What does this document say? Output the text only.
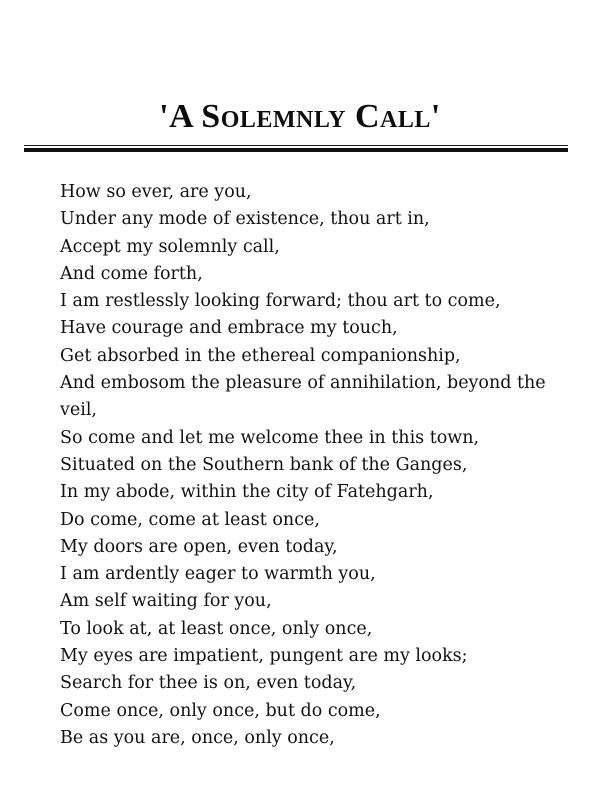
'A Solemnly Call'
How so ever, are you,
Under any mode of existence, thou art in,
Accept my solemnly call,
And come forth,
I am restlessly looking forward; thou art to come,
Have courage and embrace my touch,
Get absorbed in the ethereal companionship,
And embosom the pleasure of annihilation, beyond the veil,
So come and let me welcome thee in this town,
Situated on the Southern bank of the Ganges,
In my abode, within the city of Fatehgarh,
Do come, come at least once,
My doors are open, even today,
I am ardently eager to warmth you,
Am self waiting for you,
To look at, at least once, only once,
My eyes are impatient, pungent are my looks;
Search for thee is on, even today,
Come once, only once, but do come,
Be as you are, once, only once,
